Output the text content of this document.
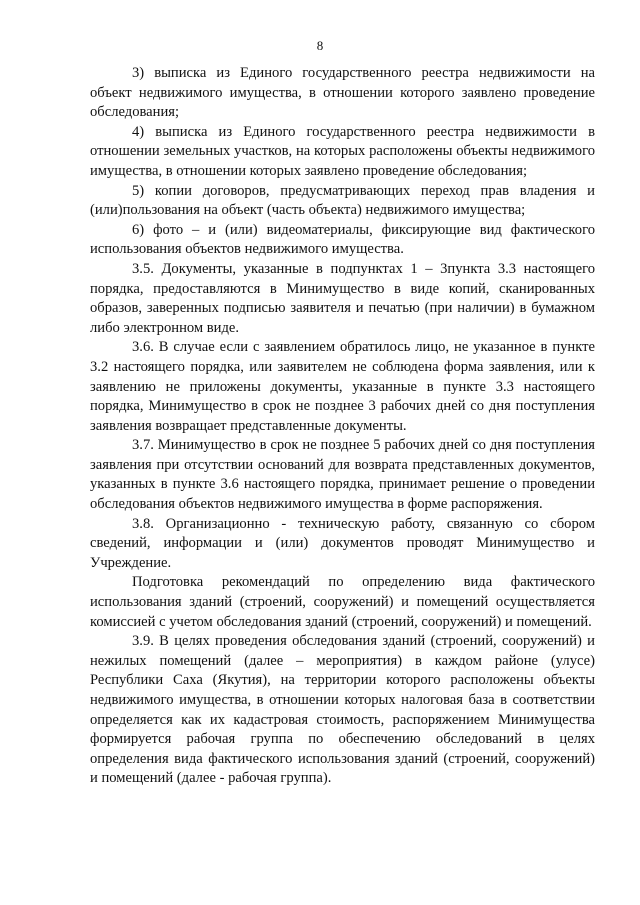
8

3) выписка из Единого государственного реестра недвижимости на объект недвижимого имущества, в отношении которого заявлено проведение обследования;

4) выписка из Единого государственного реестра недвижимости в отношении земельных участков, на которых расположены объекты недвижимого имущества, в отношении которых заявлено проведение обследования;

5) копии договоров, предусматривающих переход прав владения и (или)пользования на объект (часть объекта) недвижимого имущества;

6) фото – и (или) видеоматериалы, фиксирующие вид фактического использования объектов недвижимого имущества.

3.5. Документы, указанные в подпунктах 1 – 3пункта 3.3 настоящего порядка, предоставляются в Минимущество в виде копий, сканированных образов, заверенных подписью заявителя и печатью (при наличии) в бумажном либо электронном виде.

3.6. В случае если с заявлением обратилось лицо, не указанное в пункте 3.2 настоящего порядка, или заявителем не соблюдена форма заявления, или к заявлению не приложены документы, указанные в пункте 3.3 настоящего порядка, Минимущество в срок не позднее 3 рабочих дней со дня поступления заявления возвращает представленные документы.

3.7. Минимущество в срок не позднее 5 рабочих дней со дня поступления заявления при отсутствии оснований для возврата представленных документов, указанных в пункте 3.6 настоящего порядка, принимает решение о проведении обследования объектов недвижимого имущества в форме распоряжения.

3.8. Организационно - техническую работу, связанную со сбором сведений, информации и (или) документов проводят Минимущество и Учреждение.

Подготовка рекомендаций по определению вида фактического использования зданий (строений, сооружений) и помещений осуществляется комиссией с учетом обследования зданий (строений, сооружений) и помещений.

3.9. В целях проведения обследования зданий (строений, сооружений) и нежилых помещений (далее – мероприятия) в каждом районе (улусе) Республики Саха (Якутия), на территории которого расположены объекты недвижимого имущества, в отношении которых налоговая база в соответствии определяется как их кадастровая стоимость, распоряжением Минимущества формируется рабочая группа по обеспечению обследований в целях определения вида фактического использования зданий (строений, сооружений) и помещений (далее - рабочая группа).
